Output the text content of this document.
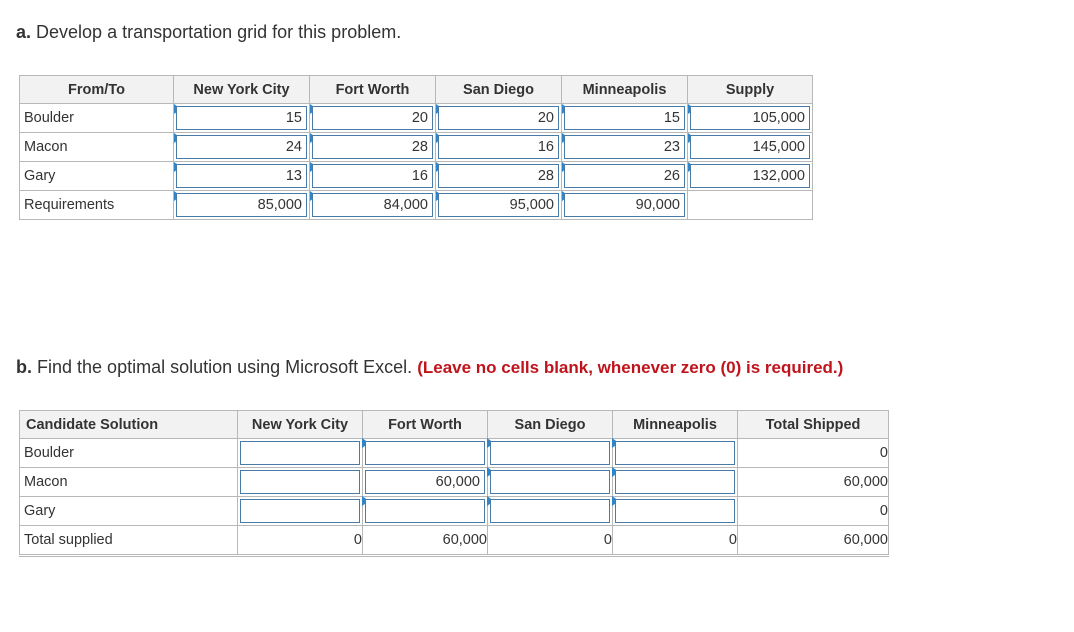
a. Develop a transportation grid for this problem.
From/To	New York City	Fort Worth	San Diego	Minneapolis	Supply
Boulder	15	20	20	15	105,000

Macon	24	28	16	23	145,000

Gary	13	16	28	26	132,000

Requirements	85,000	84,000	95,000	90,000	

b. Find the optimal solution using Microsoft Excel. (Leave no cells blank, whenever zero (0) is required.)
Candidate Solution	New York City	Fort Worth	San Diego	Minneapolis	Total Shipped
Boulder					0
Macon		60,000			60,000
Gary					0
Total supplied	0	60,000	0	0	60,000
